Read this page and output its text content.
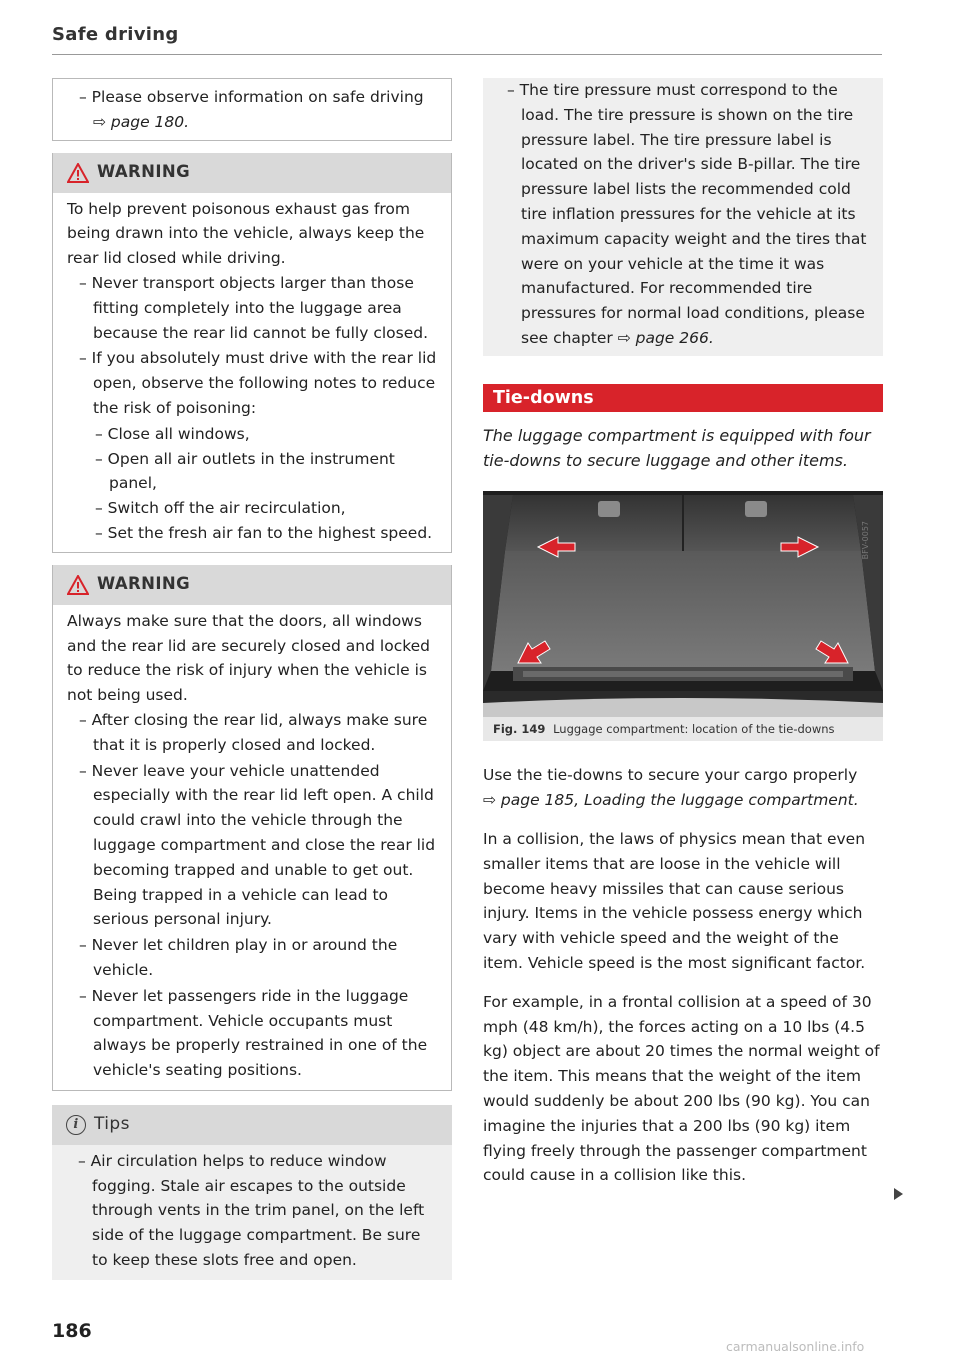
Safe driving
– Please observe information on safe driving
⇨ page 180.
WARNING
To help prevent poisonous exhaust gas from being drawn into the vehicle, always keep the rear lid closed while driving.
– Never transport objects larger than those fitting completely into the luggage area because the rear lid cannot be fully closed.
– If you absolutely must drive with the rear lid open, observe the following notes to reduce the risk of poisoning:
– Close all windows,
– Open all air outlets in the instrument panel,
– Switch off the air recirculation,
– Set the fresh air fan to the highest speed.
WARNING
Always make sure that the doors, all windows and the rear lid are securely closed and locked to reduce the risk of injury when the vehicle is not being used.
– After closing the rear lid, always make sure that it is properly closed and locked.
– Never leave your vehicle unattended especially with the rear lid left open. A child could crawl into the vehicle through the luggage compartment and close the rear lid becoming trapped and unable to get out. Being trapped in a vehicle can lead to serious personal injury.
– Never let children play in or around the vehicle.
– Never let passengers ride in the luggage compartment. Vehicle occupants must always be properly restrained in one of the vehicle's seating positions.
i Tips
– Air circulation helps to reduce window fogging. Stale air escapes to the outside through vents in the trim panel, on the left side of the luggage compartment. Be sure to keep these slots free and open.
– The tire pressure must correspond to the load. The tire pressure is shown on the tire pressure label. The tire pressure label is located on the driver's side B-pillar. The tire pressure label lists the recommended cold tire inflation pressures for the vehicle at its maximum capacity weight and the tires that were on your vehicle at the time it was manufactured. For recommended tire pressures for normal load conditions, please see chapter ⇨ page 266.
Tie-downs
The luggage compartment is equipped with four tie-downs to secure luggage and other items.
BFV-0057
Fig. 149 Luggage compartment: location of the tie-downs
Use the tie-downs to secure your cargo properly
⇨ page 185, Loading the luggage compartment.
In a collision, the laws of physics mean that even smaller items that are loose in the vehicle will become heavy missiles that can cause serious injury. Items in the vehicle possess energy which vary with vehicle speed and the weight of the item. Vehicle speed is the most significant factor.
For example, in a frontal collision at a speed of 30 mph (48 km/h), the forces acting on a 10 lbs (4.5 kg) object are about 20 times the normal weight of the item. This means that the weight of the item would suddenly be about 200 lbs (90 kg). You can imagine the injuries that a 200 lbs (90 kg) item flying freely through the passenger compartment could cause in a collision like this.
186
carmanualsonline.info
